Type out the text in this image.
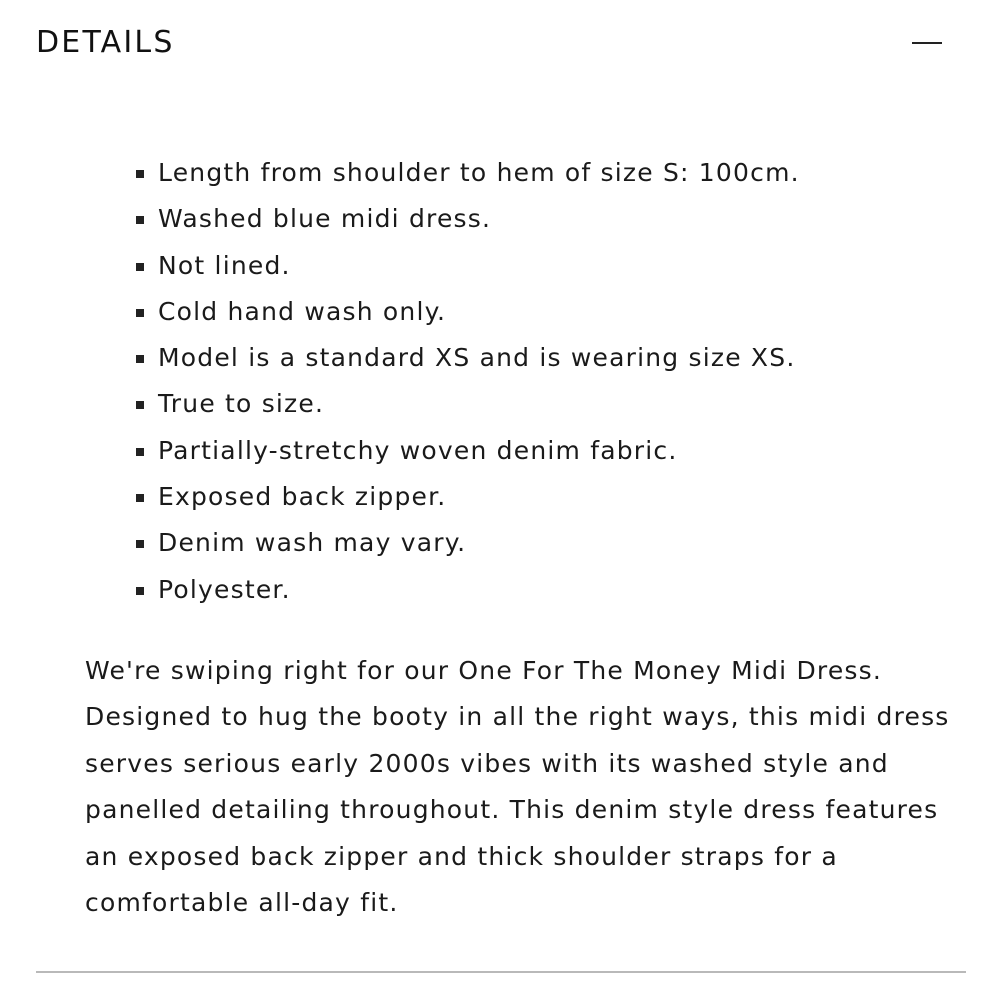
DETAILS
Length from shoulder to hem of size S: 100cm.
Washed blue midi dress.
Not lined.
Cold hand wash only.
Model is a standard XS and is wearing size XS.
True to size.
Partially-stretchy woven denim fabric.
Exposed back zipper.
Denim wash may vary.
Polyester.

We're swiping right for our One For The Money Midi Dress. Designed to hug the booty in all the right ways, this midi dress serves serious early 2000s vibes with its washed style and panelled detailing throughout. This denim style dress features an exposed back zipper and thick shoulder straps for a comfortable all-day fit.
